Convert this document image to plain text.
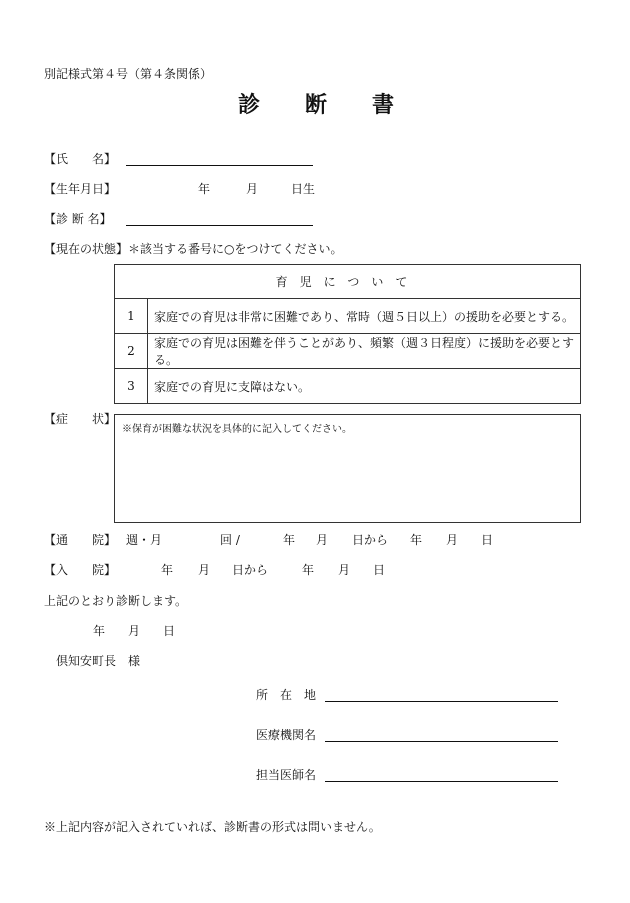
別記様式第４号（第４条関係）
診 断 書
【氏　　名】
【生年月日】	年	月	日生
【診 断 名】
【現在の状態】＊該当する番号に○をつけてください。
育児について	
1	家庭での育児は非常に困難であり、常時（週５日以上）の援助を必要とする。
2	家庭での育児は困難を伴うことがあり、頻繁（週３日程度）に援助を必要とする。
3	家庭での育児に支障はない。
【症　　状】
※保育が困難な状況を具体的に記入してください。
【通　　院】 週・月	回 /	年 月 日から 年 月 日
【入　　院】	年 月 日から	年 月 日
上記のとおり診断します。
年 月 日
倶知安町長　様
所　在　地
医療機関名
担当医師名
※上記内容が記入されていれば、診断書の形式は問いません。
